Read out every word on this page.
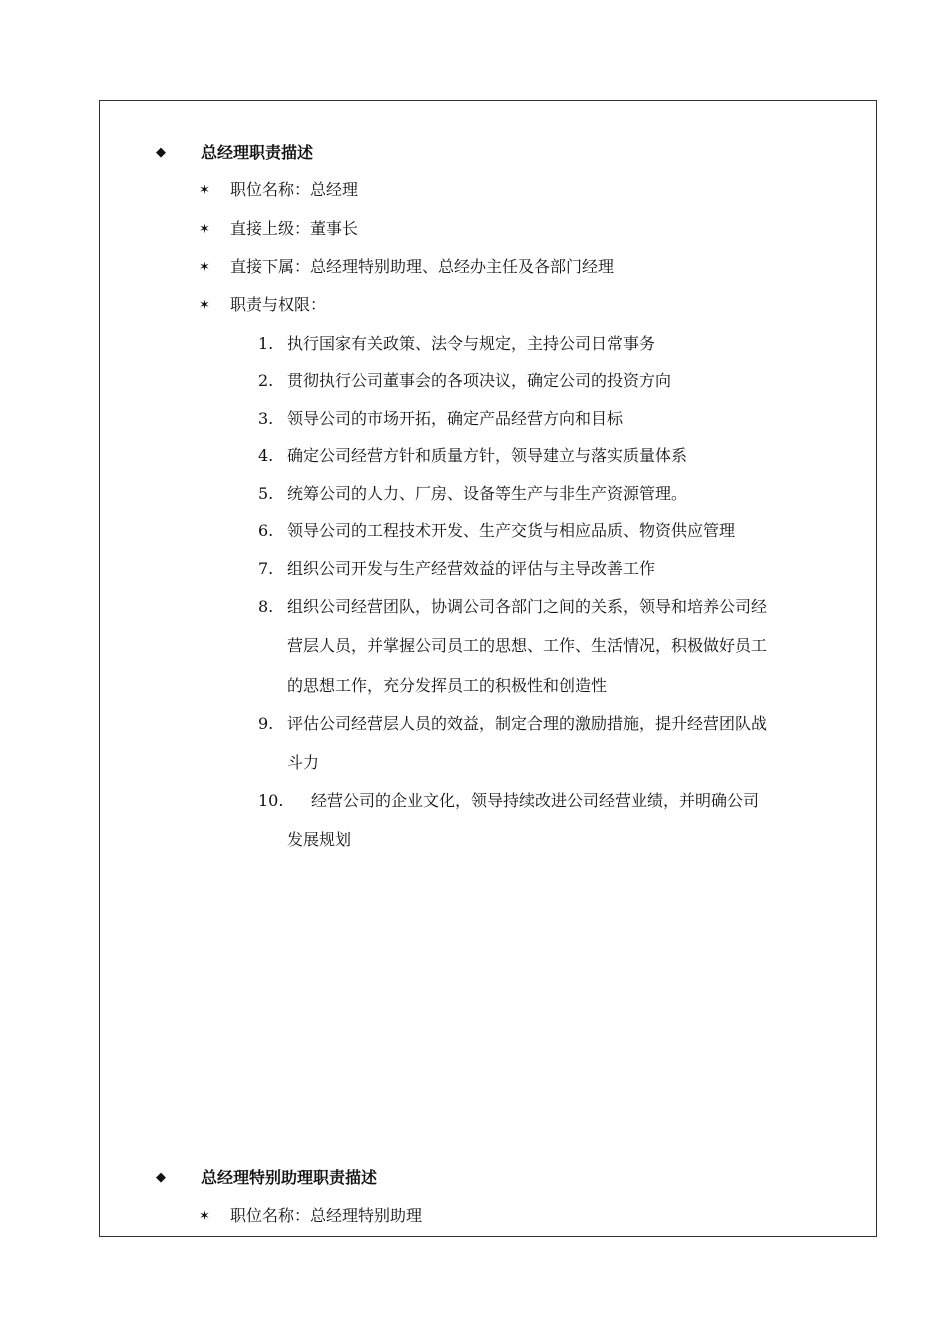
◆ 总经理职责描述
✶ 职位名称：总经理
✶ 直接上级：董事长
✶ 直接下属：总经理特别助理、总经办主任及各部门经理
✶ 职责与权限：
1. 执行国家有关政策、法令与规定，主持公司日常事务
2. 贯彻执行公司董事会的各项决议，确定公司的投资方向
3. 领导公司的市场开拓，确定产品经营方向和目标
4. 确定公司经营方针和质量方针，领导建立与落实质量体系
5. 统筹公司的人力、厂房、设备等生产与非生产资源管理。
6. 领导公司的工程技术开发、生产交货与相应品质、物资供应管理
7. 组织公司开发与生产经营效益的评估与主导改善工作
8. 组织公司经营团队，协调公司各部门之间的关系，领导和培养公司经
营层人员，并掌握公司员工的思想、工作、生活情况，积极做好员工
的思想工作，充分发挥员工的积极性和创造性
9. 评估公司经营层人员的效益，制定合理的激励措施，提升经营团队战
斗力
10. 经营公司的企业文化，领导持续改进公司经营业绩，并明确公司
发展规划
◆ 总经理特别助理职责描述
✶ 职位名称：总经理特别助理
